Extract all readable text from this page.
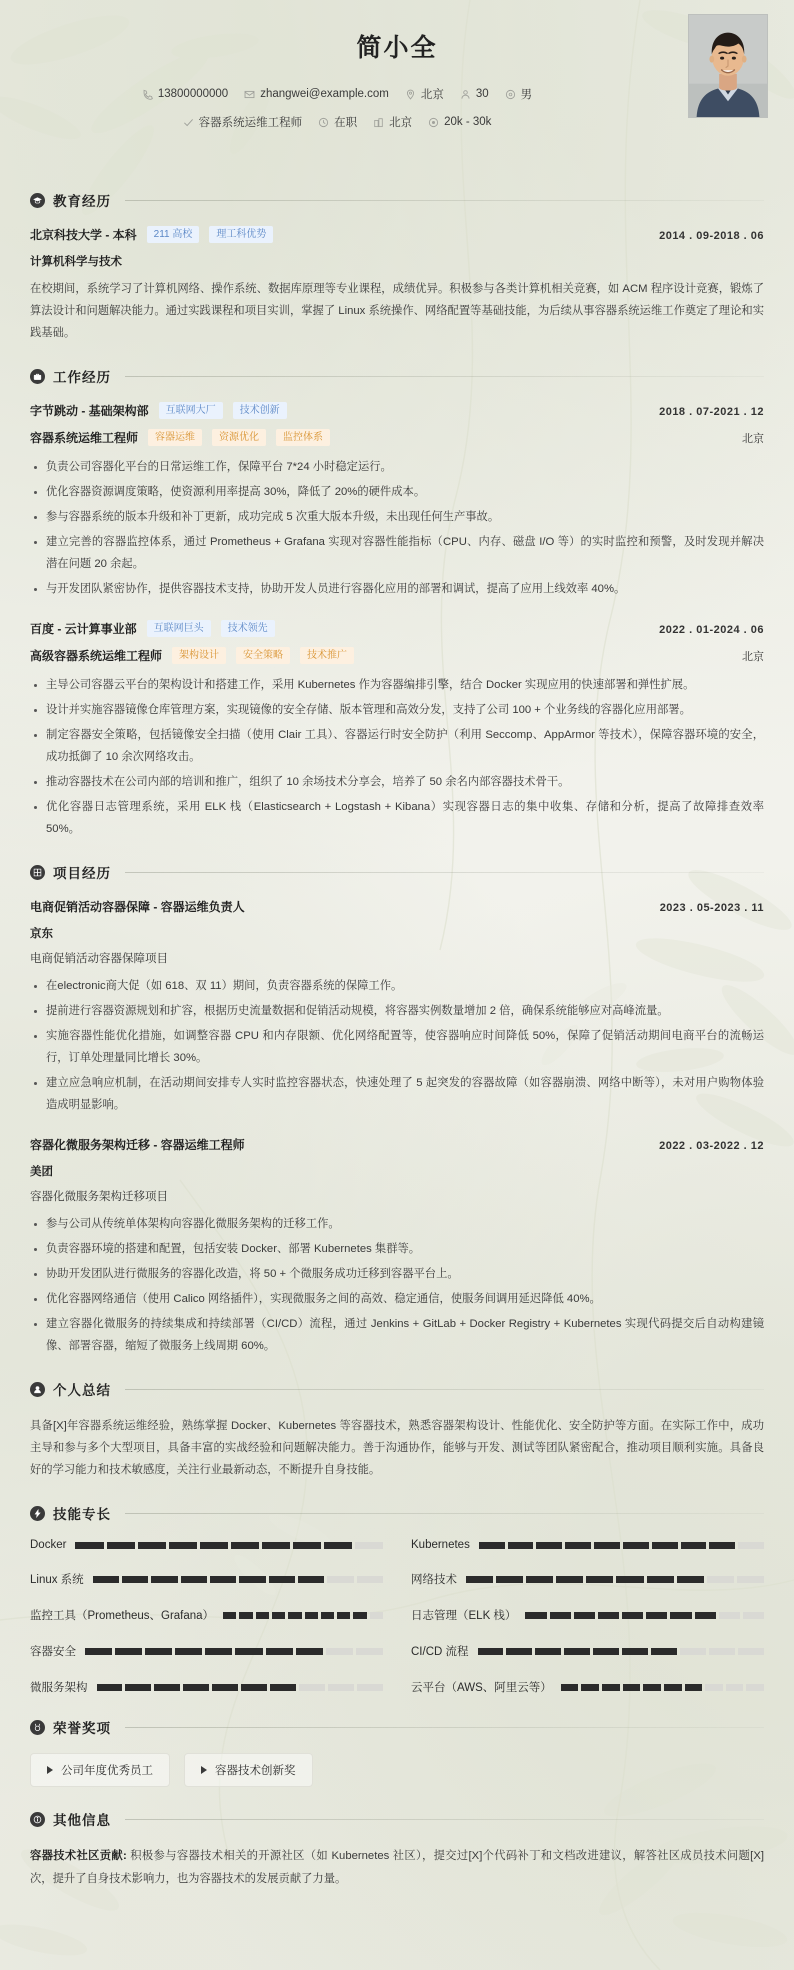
简小全
13800000000	zhangwei@example.com	北京	30	男
容器系统运维工程师	在职	北京	20k - 30k
教育经历
北京科技大学 - 本科	211 高校	理工科优势	2014 . 09-2018 . 06
计算机科学与技术
在校期间，系统学习了计算机网络、操作系统、数据库原理等专业课程，成绩优异。积极参与各类计算机相关竞赛，如 ACM 程序设计竞赛，锻炼了算法设计和问题解决能力。通过实践课程和项目实训，掌握了 Linux 系统操作、网络配置等基础技能，为后续从事容器系统运维工作奠定了理论和实践基础。
工作经历
字节跳动 - 基础架构部	互联网大厂	技术创新	2018 . 07-2021 . 12
容器系统运维工程师	容器运维	资源优化	监控体系	北京
负责公司容器化平台的日常运维工作，保障平台 7*24 小时稳定运行。
优化容器资源调度策略，使资源利用率提高 30%，降低了 20%的硬件成本。
参与容器系统的版本升级和补丁更新，成功完成 5 次重大版本升级，未出现任何生产事故。
建立完善的容器监控体系，通过 Prometheus + Grafana 实现对容器性能指标（CPU、内存、磁盘 I/O 等）的实时监控和预警，及时发现并解决潜在问题 20 余起。
与开发团队紧密协作，提供容器技术支持，协助开发人员进行容器化应用的部署和调试，提高了应用上线效率 40%。
百度 - 云计算事业部	互联网巨头	技术领先	2022 . 01-2024 . 06
高级容器系统运维工程师	架构设计	安全策略	技术推广	北京
主导公司容器云平台的架构设计和搭建工作，采用 Kubernetes 作为容器编排引擎，结合 Docker 实现应用的快速部署和弹性扩展。
设计并实施容器镜像仓库管理方案，实现镜像的安全存储、版本管理和高效分发，支持了公司 100 + 个业务线的容器化应用部署。
制定容器安全策略，包括镜像安全扫描（使用 Clair 工具）、容器运行时安全防护（利用 Seccomp、AppArmor 等技术），保障容器环境的安全，成功抵御了 10 余次网络攻击。
推动容器技术在公司内部的培训和推广，组织了 10 余场技术分享会，培养了 50 余名内部容器技术骨干。
优化容器日志管理系统，采用 ELK 栈（Elasticsearch + Logstash + Kibana）实现容器日志的集中收集、存储和分析，提高了故障排查效率 50%。
项目经历
电商促销活动容器保障 - 容器运维负责人	2023 . 05-2023 . 11
京东
电商促销活动容器保障项目
在electronic商大促（如 618、双 11）期间，负责容器系统的保障工作。
提前进行容器资源规划和扩容，根据历史流量数据和促销活动规模，将容器实例数量增加 2 倍，确保系统能够应对高峰流量。
实施容器性能优化措施，如调整容器 CPU 和内存限额、优化网络配置等，使容器响应时间降低 50%，保障了促销活动期间电商平台的流畅运行，订单处理量同比增长 30%。
建立应急响应机制，在活动期间安排专人实时监控容器状态，快速处理了 5 起突发的容器故障（如容器崩溃、网络中断等），未对用户购物体验造成明显影响。
容器化微服务架构迁移 - 容器运维工程师	2022 . 03-2022 . 12
美团
容器化微服务架构迁移项目
参与公司从传统单体架构向容器化微服务架构的迁移工作。
负责容器环境的搭建和配置，包括安装 Docker、部署 Kubernetes 集群等。
协助开发团队进行微服务的容器化改造，将 50 + 个微服务成功迁移到容器平台上。
优化容器网络通信（使用 Calico 网络插件），实现微服务之间的高效、稳定通信，使服务间调用延迟降低 40%。
建立容器化微服务的持续集成和持续部署（CI/CD）流程，通过 Jenkins + GitLab + Docker Registry + Kubernetes 实现代码提交后自动构建镜像、部署容器，缩短了微服务上线周期 60%。
个人总结
具备[X]年容器系统运维经验，熟练掌握 Docker、Kubernetes 等容器技术，熟悉容器架构设计、性能优化、安全防护等方面。在实际工作中，成功主导和参与多个大型项目，具备丰富的实战经验和问题解决能力。善于沟通协作，能够与开发、测试等团队紧密配合，推动项目顺利实施。具备良好的学习能力和技术敏感度，关注行业最新动态，不断提升自身技能。
技能专长
Docker	Kubernetes
Linux 系统	网络技术
监控工具（Prometheus、Grafana）	日志管理（ELK 栈）
容器安全	CI/CD 流程
微服务架构	云平台（AWS、阿里云等）
荣誉奖项
公司年度优秀员工	容器技术创新奖
其他信息
容器技术社区贡献: 积极参与容器技术相关的开源社区（如 Kubernetes 社区），提交过[X]个代码补丁和文档改进建议，解答社区成员技术问题[X]次，提升了自身技术影响力，也为容器技术的发展贡献了力量。
